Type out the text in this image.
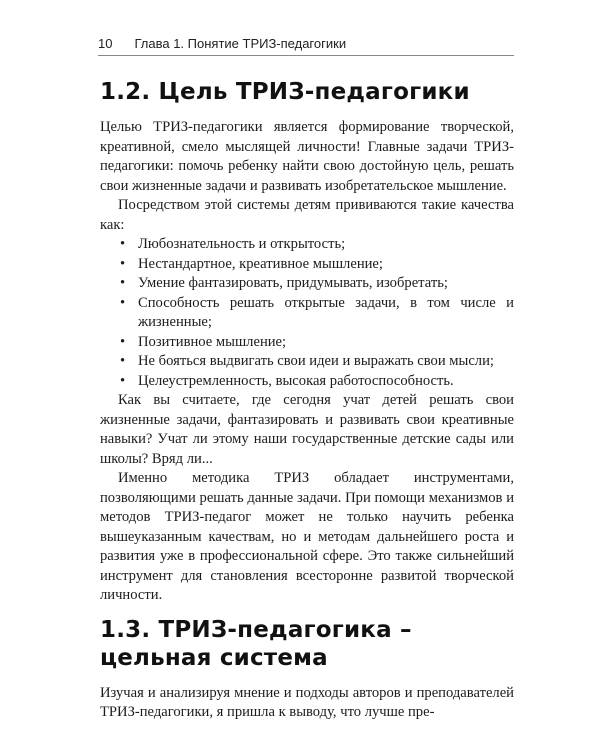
10 Глава 1. Понятие ТРИЗ-педагогики
1.2. Цель ТРИЗ-педагогики

Целью ТРИЗ-педагогики является формирование творческой, креативной, смело мыслящей личности! Главные задачи ТРИЗ-педагогики: помочь ребенку найти свою достойную цель, решать свои жизненные задачи и развивать изобретательское мышление.

Посредством этой системы детям прививаются такие качества как:

• Любознательность и открытость;
• Нестандартное, креативное мышление;
• Умение фантазировать, придумывать, изобретать;
• Способность решать открытые задачи, в том числе и жизненные;
• Позитивное мышление;
• Не бояться выдвигать свои идеи и выражать свои мысли;
• Целеустремленность, высокая работоспособность.

Как вы считаете, где сегодня учат детей решать свои жизненные задачи, фантазировать и развивать свои креативные навыки? Учат ли этому наши государственные детские сады или школы? Вряд ли...

Именно методика ТРИЗ обладает инструментами, позволяющими решать данные задачи. При помощи механизмов и методов ТРИЗ-педагог может не только научить ребенка вышеуказанным качествам, но и методам дальнейшего роста и развития уже в профессиональной сфере. Это также сильнейший инструмент для становления всесторонне развитой творческой личности.

1.3. ТРИЗ-педагогика – цельная система

Изучая и анализируя мнение и подходы авторов и преподавателей ТРИЗ-педагогики, я пришла к выводу, что лучше пре-
